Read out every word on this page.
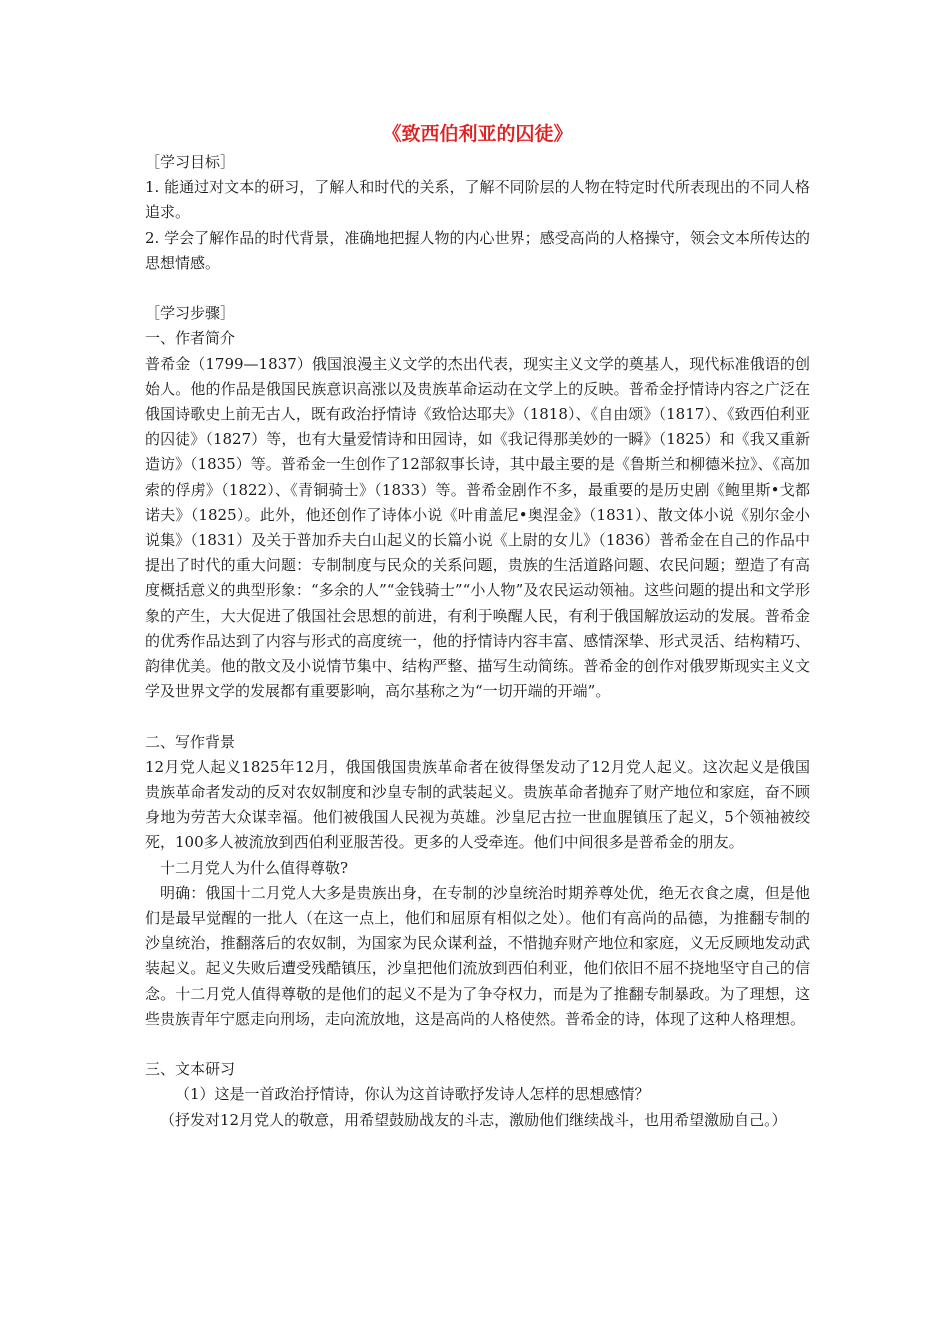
《致西伯利亚的囚徒》

［学习目标］

1. 能通过对文本的研习，了解人和时代的关系，了解不同阶层的人物在特定时代所表现出的不同人格追求。

2. 学会了解作品的时代背景，准确地把握人物的内心世界；感受高尚的人格操守，领会文本所传达的思想情感。

［学习步骤］

一、作者简介

普希金（1799—1837）俄国浪漫主义文学的杰出代表，现实主义文学的奠基人，现代标准俄语的创始人。他的作品是俄国民族意识高涨以及贵族革命运动在文学上的反映。普希金抒情诗内容之广泛在俄国诗歌史上前无古人，既有政治抒情诗《致恰达耶夫》（1818）、《自由颂》（1817）、《致西伯利亚的囚徒》（1827）等，也有大量爱情诗和田园诗，如《我记得那美妙的一瞬》（1825）和《我又重新造访》（1835）等。普希金一生创作了12部叙事长诗，其中最主要的是《鲁斯兰和柳德米拉》、《高加索的俘虏》（1822）、《青铜骑士》（1833）等。普希金剧作不多，最重要的是历史剧《鲍里斯•戈都诺夫》（1825）。此外，他还创作了诗体小说《叶甫盖尼•奥涅金》（1831）、散文体小说《别尔金小说集》（1831）及关于普加乔夫白山起义的长篇小说《上尉的女儿》（1836）普希金在自己的作品中提出了时代的重大问题：专制制度与民众的关系问题，贵族的生活道路问题、农民问题；塑造了有高度概括意义的典型形象：“多余的人”“金钱骑士”“小人物”及农民运动领袖。这些问题的提出和文学形象的产生，大大促进了俄国社会思想的前进，有利于唤醒人民，有利于俄国解放运动的发展。普希金的优秀作品达到了内容与形式的高度统一，他的抒情诗内容丰富、感情深挚、形式灵活、结构精巧、韵律优美。他的散文及小说情节集中、结构严整、描写生动简练。普希金的创作对俄罗斯现实主义文学及世界文学的发展都有重要影响，高尔基称之为“一切开端的开端”。

二、写作背景

12月党人起义1825年12月，俄国俄国贵族革命者在彼得堡发动了12月党人起义。这次起义是俄国贵族革命者发动的反对农奴制度和沙皇专制的武装起义。贵族革命者抛弃了财产地位和家庭，奋不顾身地为劳苦大众谋幸福。他们被俄国人民视为英雄。沙皇尼古拉一世血腥镇压了起义，5个领袖被绞死，100多人被流放到西伯利亚服苦役。更多的人受牵连。他们中间很多是普希金的朋友。

十二月党人为什么值得尊敬?

明确：俄国十二月党人大多是贵族出身，在专制的沙皇统治时期养尊处优，绝无衣食之虞，但是他们是最早觉醒的一批人（在这一点上，他们和屈原有相似之处）。他们有高尚的品德，为推翻专制的沙皇统治，推翻落后的农奴制，为国家为民众谋利益，不惜抛弃财产地位和家庭，义无反顾地发动武装起义。起义失败后遭受残酷镇压，沙皇把他们流放到西伯利亚，他们依旧不屈不挠地坚守自己的信念。十二月党人值得尊敬的是他们的起义不是为了争夺权力，而是为了推翻专制暴政。为了理想，这些贵族青年宁愿走向刑场，走向流放地，这是高尚的人格使然。普希金的诗，体现了这种人格理想。

三、文本研习

（1）这是一首政治抒情诗，你认为这首诗歌抒发诗人怎样的思想感情？

（抒发对12月党人的敬意，用希望鼓励战友的斗志，激励他们继续战斗，也用希望激励自己。）
